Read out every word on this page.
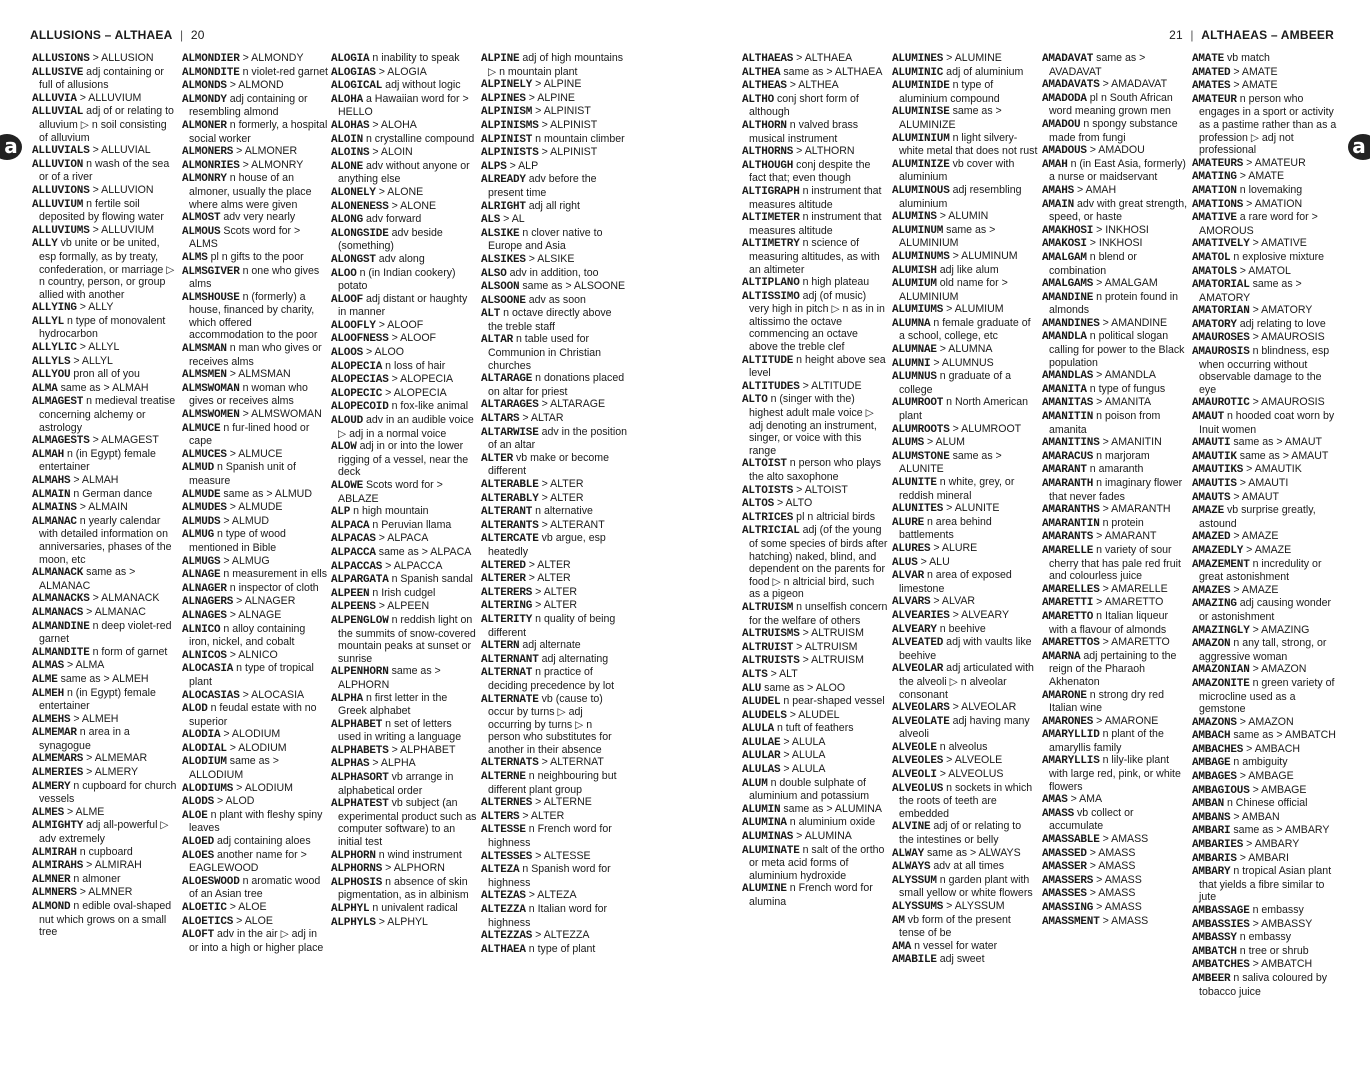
ALLUSIONS – ALTHAEA | 20	21 | ALTHAEAS – AMBEER
a	a

ALLUSIONS > ALLUSION

ALLUSIVE adj containing or full of allusions

ALLUVIA > ALLUVIUM

ALLUVIAL adj of or relating to alluvium ▷ n soil consisting of alluvium

ALLUVIALS > ALLUVIAL

ALLUVION n wash of the sea or of a river

ALLUVIONS > ALLUVION

ALLUVIUM n fertile soil deposited by flowing water

ALLUVIUMS > ALLUVIUM

ALLY vb unite or be united, esp formally, as by treaty, confederation, or marriage ▷ n country, person, or group allied with another

ALLYING > ALLY

ALLYL n type of monovalent hydrocarbon

ALLYLIC > ALLYL

ALLYLS > ALLYL

ALLYOU pron all of you

ALMA same as > ALMAH

ALMAGEST n medieval treatise concerning alchemy or astrology

ALMAGESTS > ALMAGEST

ALMAH n (in Egypt) female entertainer

ALMAHS > ALMAH

ALMAIN n German dance

ALMAINS > ALMAIN

ALMANAC n yearly calendar with detailed information on anniversaries, phases of the moon, etc

ALMANACK same as > ALMANAC

ALMANACKS > ALMANACK

ALMANACS > ALMANAC

ALMANDINE n deep violet-red garnet

ALMANDITE n form of garnet

ALMAS > ALMA

ALME same as > ALMEH

ALMEH n (in Egypt) female entertainer

ALMEHS > ALMEH

ALMEMAR n area in a synagogue

ALMEMARS > ALMEMAR

ALMERIES > ALMERY

ALMERY n cupboard for church vessels

ALMES > ALME

ALMIGHTY adj all-powerful ▷ adv extremely

ALMIRAH n cupboard

ALMIRAHS > ALMIRAH

ALMNER n almoner

ALMNERS > ALMNER

ALMOND n edible oval-shaped nut which grows on a small tree

ALMONDIER > ALMONDY

ALMONDITE n violet-red garnet

ALMONDS > ALMOND

ALMONDY adj containing or resembling almond

ALMONER n formerly, a hospital social worker

ALMONERS > ALMONER

ALMONRIES > ALMONRY

ALMONRY n house of an almoner, usually the place where alms were given

ALMOST adv very nearly

ALMOUS Scots word for > ALMS

ALMS pl n gifts to the poor

ALMSGIVER n one who gives alms

ALMSHOUSE n (formerly) a house, financed by charity, which offered accommodation to the poor

ALMSMAN n man who gives or receives alms

ALMSMEN > ALMSMAN

ALMSWOMAN n woman who gives or receives alms

ALMSWOMEN > ALMSWOMAN

ALMUCE n fur-lined hood or cape

ALMUCES > ALMUCE

ALMUD n Spanish unit of measure

ALMUDE same as > ALMUD

ALMUDES > ALMUDE

ALMUDS > ALMUD

ALMUG n type of wood mentioned in Bible

ALMUGS > ALMUG

ALNAGE n measurement in ells

ALNAGER n inspector of cloth

ALNAGERS > ALNAGER

ALNAGES > ALNAGE

ALNICO n alloy containing iron, nickel, and cobalt

ALNICOS > ALNICO

ALOCASIA n type of tropical plant

ALOCASIAS > ALOCASIA

ALOD n feudal estate with no superior

ALODIA > ALODIUM

ALODIAL > ALODIUM

ALODIUM same as > ALLODIUM

ALODIUMS > ALODIUM

ALODS > ALOD

ALOE n plant with fleshy spiny leaves

ALOED adj containing aloes

ALOES another name for > EAGLEWOOD

ALOESWOOD n aromatic wood of an Asian tree

ALOETIC > ALOE

ALOETICS > ALOE

ALOFT adv in the air ▷ adj in or into a high or higher place

ALOGIA n inability to speak

ALOGIAS > ALOGIA

ALOGICAL adj without logic

ALOHA a Hawaiian word for > HELLO

ALOHAS > ALOHA

ALOIN n crystalline compound

ALOINS > ALOIN

ALONE adv without anyone or anything else

ALONELY > ALONE

ALONENESS > ALONE

ALONG adv forward

ALONGSIDE adv beside (something)

ALONGST adv along

ALOO n (in Indian cookery) potato

ALOOF adj distant or haughty in manner

ALOOFLY > ALOOF

ALOOFNESS > ALOOF

ALOOS > ALOO

ALOPECIA n loss of hair

ALOPECIAS > ALOPECIA

ALOPECIC > ALOPECIA

ALOPECOID n fox-like animal

ALOUD adv in an audible voice ▷ adj in a normal voice

ALOW adj in or into the lower rigging of a vessel, near the deck

ALOWE Scots word for > ABLAZE

ALP n high mountain

ALPACA n Peruvian llama

ALPACAS > ALPACA

ALPACCA same as > ALPACA

ALPACCAS > ALPACCA

ALPARGATA n Spanish sandal

ALPEEN n Irish cudgel

ALPEENS > ALPEEN

ALPENGLOW n reddish light on the summits of snow-covered mountain peaks at sunset or sunrise

ALPENHORN same as > ALPHORN

ALPHA n first letter in the Greek alphabet

ALPHABET n set of letters used in writing a language

ALPHABETS > ALPHABET

ALPHAS > ALPHA

ALPHASORT vb arrange in alphabetical order

ALPHATEST vb subject (an experimental product such as computer software) to an initial test

ALPHORN n wind instrument

ALPHORNS > ALPHORN

ALPHOSIS n absence of skin pigmentation, as in albinism

ALPHYL n univalent radical

ALPHYLS > ALPHYL

ALPINE adj of high mountains ▷ n mountain plant

ALPINELY > ALPINE

ALPINES > ALPINE

ALPINISM > ALPINIST

ALPINISMS > ALPINIST

ALPINIST n mountain climber

ALPINISTS > ALPINIST

ALPS > ALP

ALREADY adv before the present time

ALRIGHT adj all right

ALS > AL

ALSIKE n clover native to Europe and Asia

ALSIKES > ALSIKE

ALSO adv in addition, too

ALSOON same as > ALSOONE

ALSOONE adv as soon

ALT n octave directly above the treble staff

ALTAR n table used for Communion in Christian churches

ALTARAGE n donations placed on altar for priest

ALTARAGES > ALTARAGE

ALTARS > ALTAR

ALTARWISE adv in the position of an altar

ALTER vb make or become different

ALTERABLE > ALTER

ALTERABLY > ALTER

ALTERANT n alternative

ALTERANTS > ALTERANT

ALTERCATE vb argue, esp heatedly

ALTERED > ALTER

ALTERER > ALTER

ALTERERS > ALTER

ALTERING > ALTER

ALTERITY n quality of being different

ALTERN adj alternate

ALTERNANT adj alternating

ALTERNAT n practice of deciding precedence by lot

ALTERNATE vb (cause to) occur by turns ▷ adj occurring by turns ▷ n person who substitutes for another in their absence

ALTERNATS > ALTERNAT

ALTERNE n neighbouring but different plant group

ALTERNES > ALTERNE

ALTERS > ALTER

ALTESSE n French word for highness

ALTESSES > ALTESSE

ALTEZA n Spanish word for highness

ALTEZAS > ALTEZA

ALTEZZA n Italian word for highness

ALTEZZAS > ALTEZZA

ALTHAEA n type of plant

ALTHAEAS > ALTHAEA

ALTHEA same as > ALTHAEA

ALTHEAS > ALTHEA

ALTHO conj short form of although

ALTHORN n valved brass musical instrument

ALTHORNS > ALTHORN

ALTHOUGH conj despite the fact that; even though

ALTIGRAPH n instrument that measures altitude

ALTIMETER n instrument that measures altitude

ALTIMETRY n science of measuring altitudes, as with an altimeter

ALTIPLANO n high plateau

ALTISSIMO adj (of music) very high in pitch ▷ n as in in altissimo the octave commencing an octave above the treble clef

ALTITUDE n height above sea level

ALTITUDES > ALTITUDE

ALTO n (singer with the) highest adult male voice ▷ adj denoting an instrument, singer, or voice with this range

ALTOIST n person who plays the alto saxophone

ALTOISTS > ALTOIST

ALTOS > ALTO

ALTRICES pl n altricial birds

ALTRICIAL adj (of the young of some species of birds after hatching) naked, blind, and dependent on the parents for food ▷ n altricial bird, such as a pigeon

ALTRUISM n unselfish concern for the welfare of others

ALTRUISMS > ALTRUISM

ALTRUIST > ALTRUISM

ALTRUISTS > ALTRUISM

ALTS > ALT

ALU same as > ALOO

ALUDEL n pear-shaped vessel

ALUDELS > ALUDEL

ALULA n tuft of feathers

ALULAE > ALULA

ALULAR > ALULA

ALULAS > ALULA

ALUM n double sulphate of aluminium and potassium

ALUMIN same as > ALUMINA

ALUMINA n aluminium oxide

ALUMINAS > ALUMINA

ALUMINATE n salt of the ortho or meta acid forms of aluminium hydroxide

ALUMINE n French word for alumina

ALUMINES > ALUMINE

ALUMINIC adj of aluminium

ALUMINIDE n type of aluminium compound

ALUMINISE same as > ALUMINIZE

ALUMINIUM n light silvery-white metal that does not rust

ALUMINIZE vb cover with aluminium

ALUMINOUS adj resembling aluminium

ALUMINS > ALUMIN

ALUMINUM same as > ALUMINIUM

ALUMINUMS > ALUMINUM

ALUMISH adj like alum

ALUMIUM old name for > ALUMINIUM

ALUMIUMS > ALUMIUM

ALUMNA n female graduate of a school, college, etc

ALUMNAE > ALUMNA

ALUMNI > ALUMNUS

ALUMNUS n graduate of a college

ALUMROOT n North American plant

ALUMROOTS > ALUMROOT

ALUMS > ALUM

ALUMSTONE same as > ALUNITE

ALUNITE n white, grey, or reddish mineral

ALUNITES > ALUNITE

ALURE n area behind battlements

ALURES > ALURE

ALUS > ALU

ALVAR n area of exposed limestone

ALVARS > ALVAR

ALVEARIES > ALVEARY

ALVEARY n beehive

ALVEATED adj with vaults like beehive

ALVEOLAR adj articulated with the alveoli ▷ n alveolar consonant

ALVEOLARS > ALVEOLAR

ALVEOLATE adj having many alveoli

ALVEOLE n alveolus

ALVEOLES > ALVEOLE

ALVEOLI > ALVEOLUS

ALVEOLUS n sockets in which the roots of teeth are embedded

ALVINE adj of or relating to the intestines or belly

ALWAY same as > ALWAYS

ALWAYS adv at all times

ALYSSUM n garden plant with small yellow or white flowers

ALYSSUMS > ALYSSUM

AM vb form of the present tense of be

AMA n vessel for water

AMABILE adj sweet

AMADAVAT same as > AVADAVAT

AMADAVATS > AMADAVAT

AMADODA pl n South African word meaning grown men

AMADOU n spongy substance made from fungi

AMADOUS > AMADOU

AMAH n (in East Asia, formerly) a nurse or maidservant

AMAHS > AMAH

AMAIN adv with great strength, speed, or haste

AMAKHOSI > INKHOSI

AMAKOSI > INKHOSI

AMALGAM n blend or combination

AMALGAMS > AMALGAM

AMANDINE n protein found in almonds

AMANDINES > AMANDINE

AMANDLA n political slogan calling for power to the Black population

AMANDLAS > AMANDLA

AMANITA n type of fungus

AMANITAS > AMANITA

AMANITIN n poison from amanita

AMANITINS > AMANITIN

AMARACUS n marjoram

AMARANT n amaranth

AMARANTH n imaginary flower that never fades

AMARANTHS > AMARANTH

AMARANTIN n protein

AMARANTS > AMARANT

AMARELLE n variety of sour cherry that has pale red fruit and colourless juice

AMARELLES > AMARELLE

AMARETTI > AMARETTO

AMARETTO n Italian liqueur with a flavour of almonds

AMARETTOS > AMARETTO

AMARNA adj pertaining to the reign of the Pharaoh Akhenaton

AMARONE n strong dry red Italian wine

AMARONES > AMARONE

AMARYLLID n plant of the amaryllis family

AMARYLLIS n lily-like plant with large red, pink, or white flowers

AMAS > AMA

AMASS vb collect or accumulate

AMASSABLE > AMASS

AMASSED > AMASS

AMASSER > AMASS

AMASSERS > AMASS

AMASSES > AMASS

AMASSING > AMASS

AMASSMENT > AMASS

AMATE vb match

AMATED > AMATE

AMATES > AMATE

AMATEUR n person who engages in a sport or activity as a pastime rather than as a profession ▷ adj not professional

AMATEURS > AMATEUR

AMATING > AMATE

AMATION n lovemaking

AMATIONS > AMATION

AMATIVE a rare word for > AMOROUS

AMATIVELY > AMATIVE

AMATOL n explosive mixture

AMATOLS > AMATOL

AMATORIAL same as > AMATORY

AMATORIAN > AMATORY

AMATORY adj relating to love

AMAUROSES > AMAUROSIS

AMAUROSIS n blindness, esp when occurring without observable damage to the eye

AMAUROTIC > AMAUROSIS

AMAUT n hooded coat worn by Inuit women

AMAUTI same as > AMAUT

AMAUTIK same as > AMAUT

AMAUTIKS > AMAUTIK

AMAUTIS > AMAUTI

AMAUTS > AMAUT

AMAZE vb surprise greatly, astound

AMAZED > AMAZE

AMAZEDLY > AMAZE

AMAZEMENT n incredulity or great astonishment

AMAZES > AMAZE

AMAZING adj causing wonder or astonishment

AMAZINGLY > AMAZING

AMAZON n any tall, strong, or aggressive woman

AMAZONIAN > AMAZON

AMAZONITE n green variety of microcline used as a gemstone

AMAZONS > AMAZON

AMBACH same as > AMBATCH

AMBACHES > AMBACH

AMBAGE n ambiguity

AMBAGES > AMBAGE

AMBAGIOUS > AMBAGE

AMBAN n Chinese official

AMBANS > AMBAN

AMBARI same as > AMBARY

AMBARIES > AMBARY

AMBARIS > AMBARI

AMBARY n tropical Asian plant that yields a fibre similar to jute

AMBASSAGE n embassy

AMBASSIES > AMBASSY

AMBASSY n embassy

AMBATCH n tree or shrub

AMBATCHES > AMBATCH

AMBEER n saliva coloured by tobacco juice
